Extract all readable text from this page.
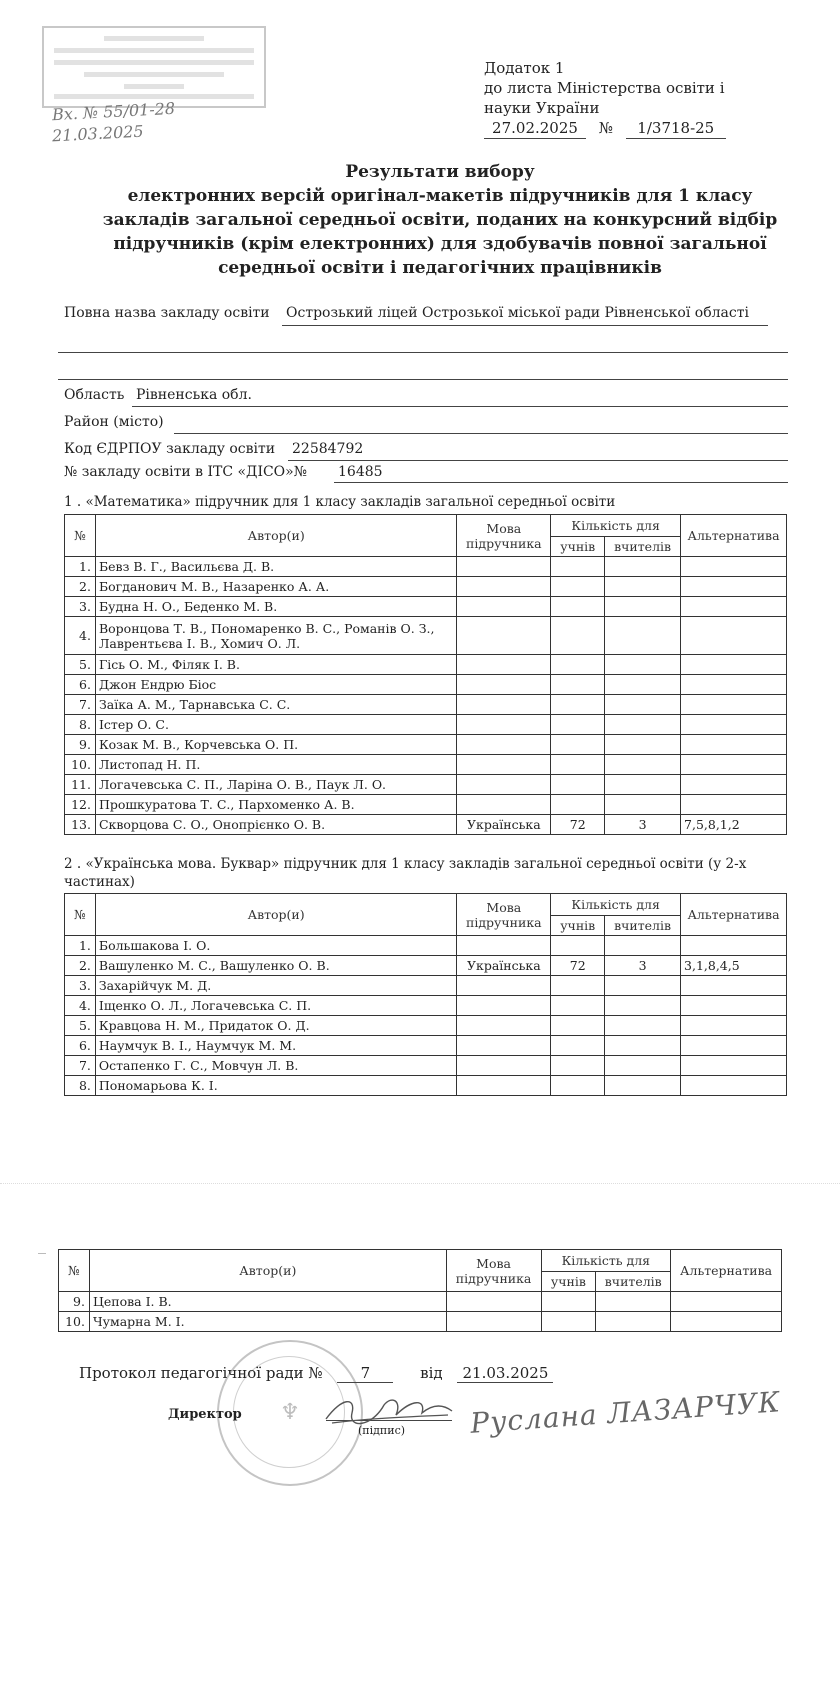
Вх. № 55/01-28
21.03.2025
Додаток 1
до листа Міністерства освіти і
науки України
27.02.2025 № 1/3718-25
Результати вибору
електронних версій оригінал-макетів підручників для 1 класу
закладів загальної середньої освіти, поданих на конкурсний відбір
підручників (крім електронних) для здобувачів повної загальної
середньої освіти і педагогічних працівників
Повна назва закладу освіти Острозький ліцей Острозької міської ради Рівненської області
Область Рівненська обл.
Район (місто)
Код ЄДРПОУ закладу освіти 22584792
№ закладу освіти в ІТС «ДІСО»№ 16485
1 . «Математика» підручник для 1 класу закладів загальної середньої освіти
№	Автор(и)	Мова
підручника	Кількість для		Альтернатива
			учнів	вчителів	
1.	Бевз В. Г., Васильєва Д. В.				
2.	Богданович М. В., Назаренко А. А.				
3.	Будна Н. О., Беденко М. В.				
4.	Воронцова Т. В., Пономаренко В. С., Романів О. З., Лаврентьєва І. В., Хомич О. Л.				
5.	Гісь О. М., Філяк І. В.				
6.	Джон Ендрю Біос				
7.	Заїка А. М., Тарнавська С. С.				
8.	Істер О. С.				
9.	Козак М. В., Корчевська О. П.				
10.	Листопад Н. П.				
11.	Логачевська С. П., Ларіна О. В., Паук Л. О.				
12.	Прошкуратова Т. С., Пархоменко А. В.				
13.	Скворцова С. О., Онопрієнко О. В.	Українська	72	3	7,5,8,1,2
2 . «Українська мова. Буквар» підручник для 1 класу закладів загальної середньої освіти (у 2-х
частинах)
№	Автор(и)	Мова
підручника	Кількість для		Альтернатива
			учнів	вчителів	
1.	Большакова І. О.				
2.	Вашуленко М. С., Вашуленко О. В.	Українська	72	3	3,1,8,4,5
3.	Захарійчук М. Д.				
4.	Іщенко О. Л., Логачевська С. П.				
5.	Кравцова Н. М., Придаток О. Д.				
6.	Наумчук В. І., Наумчук М. М.				
7.	Остапенко Г. С., Мовчун Л. В.				
8.	Пономарьова К. І.				
№	Автор(и)	Мова
підручника	Кількість для		Альтернатива
			учнів	вчителів	
9.	Цепова І. В.				
10.	Чумарна М. І.				
♆
Протокол педагогічної ради №	7	від 21.03.2025
Директор
(підпис) Руслана ЛАЗАРЧУК
